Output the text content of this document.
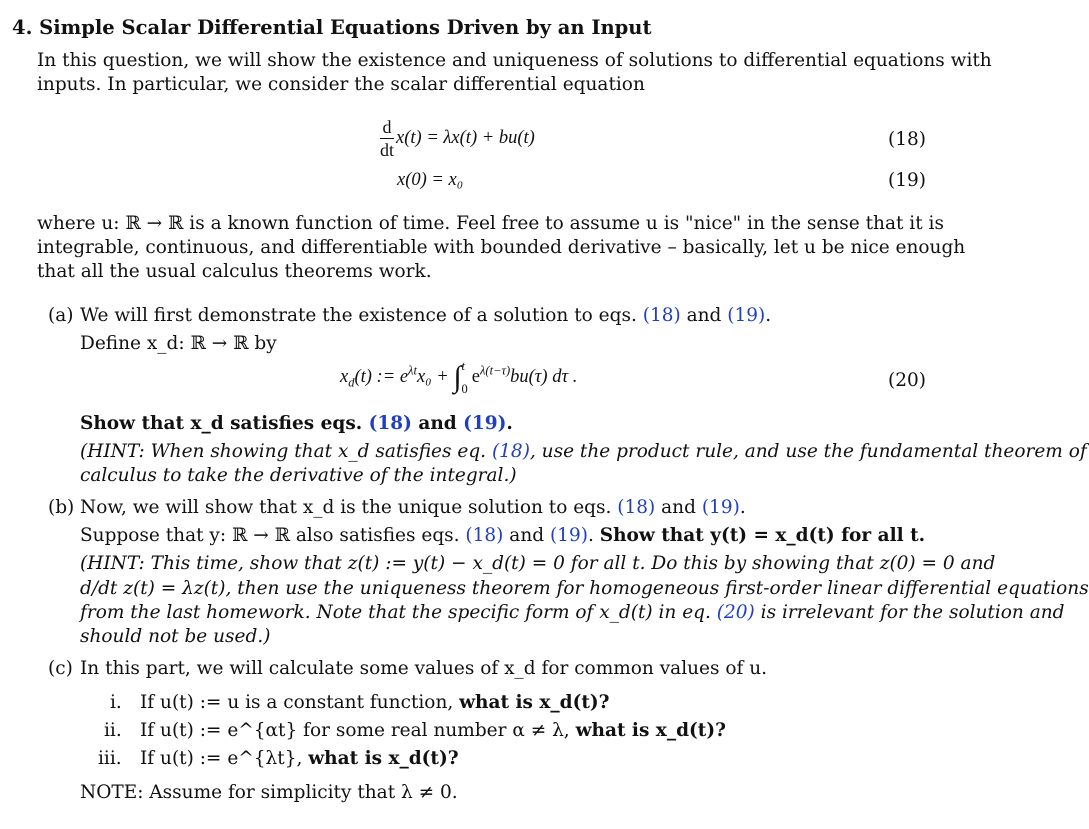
4. Simple Scalar Differential Equations Driven by an Input
In this question, we will show the existence and uniqueness of solutions to differential equations with
inputs. In particular, we consider the scalar differential equation
$\frac{d}{dt} x(t) = \lambda x(t) + bu(t)$	(18)
x(0) = x₀	(19)
where u: ℝ → ℝ is a known function of time. Feel free to assume u is "nice" in the sense that it is
integrable, continuous, and differentiable with bounded derivative – basically, let u be nice enough
that all the usual calculus theorems work.
(a) We will first demonstrate the existence of a solution to eqs. (18) and (19).
Define x_d: ℝ → ℝ by
$x_d(t)$ := $e^{\lambda t}x_0$ + ∫ t
0
$e^{\lambda(t-\tau)}bu(\tau)$ dτ .	(20)
Show that x_d satisfies eqs. (18) and (19).
(HINT: When showing that x_d satisfies eq. (18), use the product rule, and use the fundamental theorem of
calculus to take the derivative of the integral.)
(b) Now, we will show that x_d is the unique solution to eqs. (18) and (19).
Suppose that y: ℝ → ℝ also satisfies eqs. (18) and (19). Show that y(t) = x_d(t) for all t.
(HINT: This time, show that z(t) := y(t) − x_d(t) = 0 for all t. Do this by showing that z(0) = 0 and
d/dt z(t) = λz(t), then use the uniqueness theorem for homogeneous first-order linear differential equations
from the last homework. Note that the specific form of x_d(t) in eq. (20) is irrelevant for the solution and
should not be used.)
(c) In this part, we will calculate some values of x_d for common values of u.
i. If u(t) := u is a constant function, what is x_d(t)?
ii. If u(t) := e^{αt} for some real number α ≠ λ, what is x_d(t)?
iii. If u(t) := e^{λt}, what is x_d(t)?
NOTE: Assume for simplicity that λ ≠ 0.
